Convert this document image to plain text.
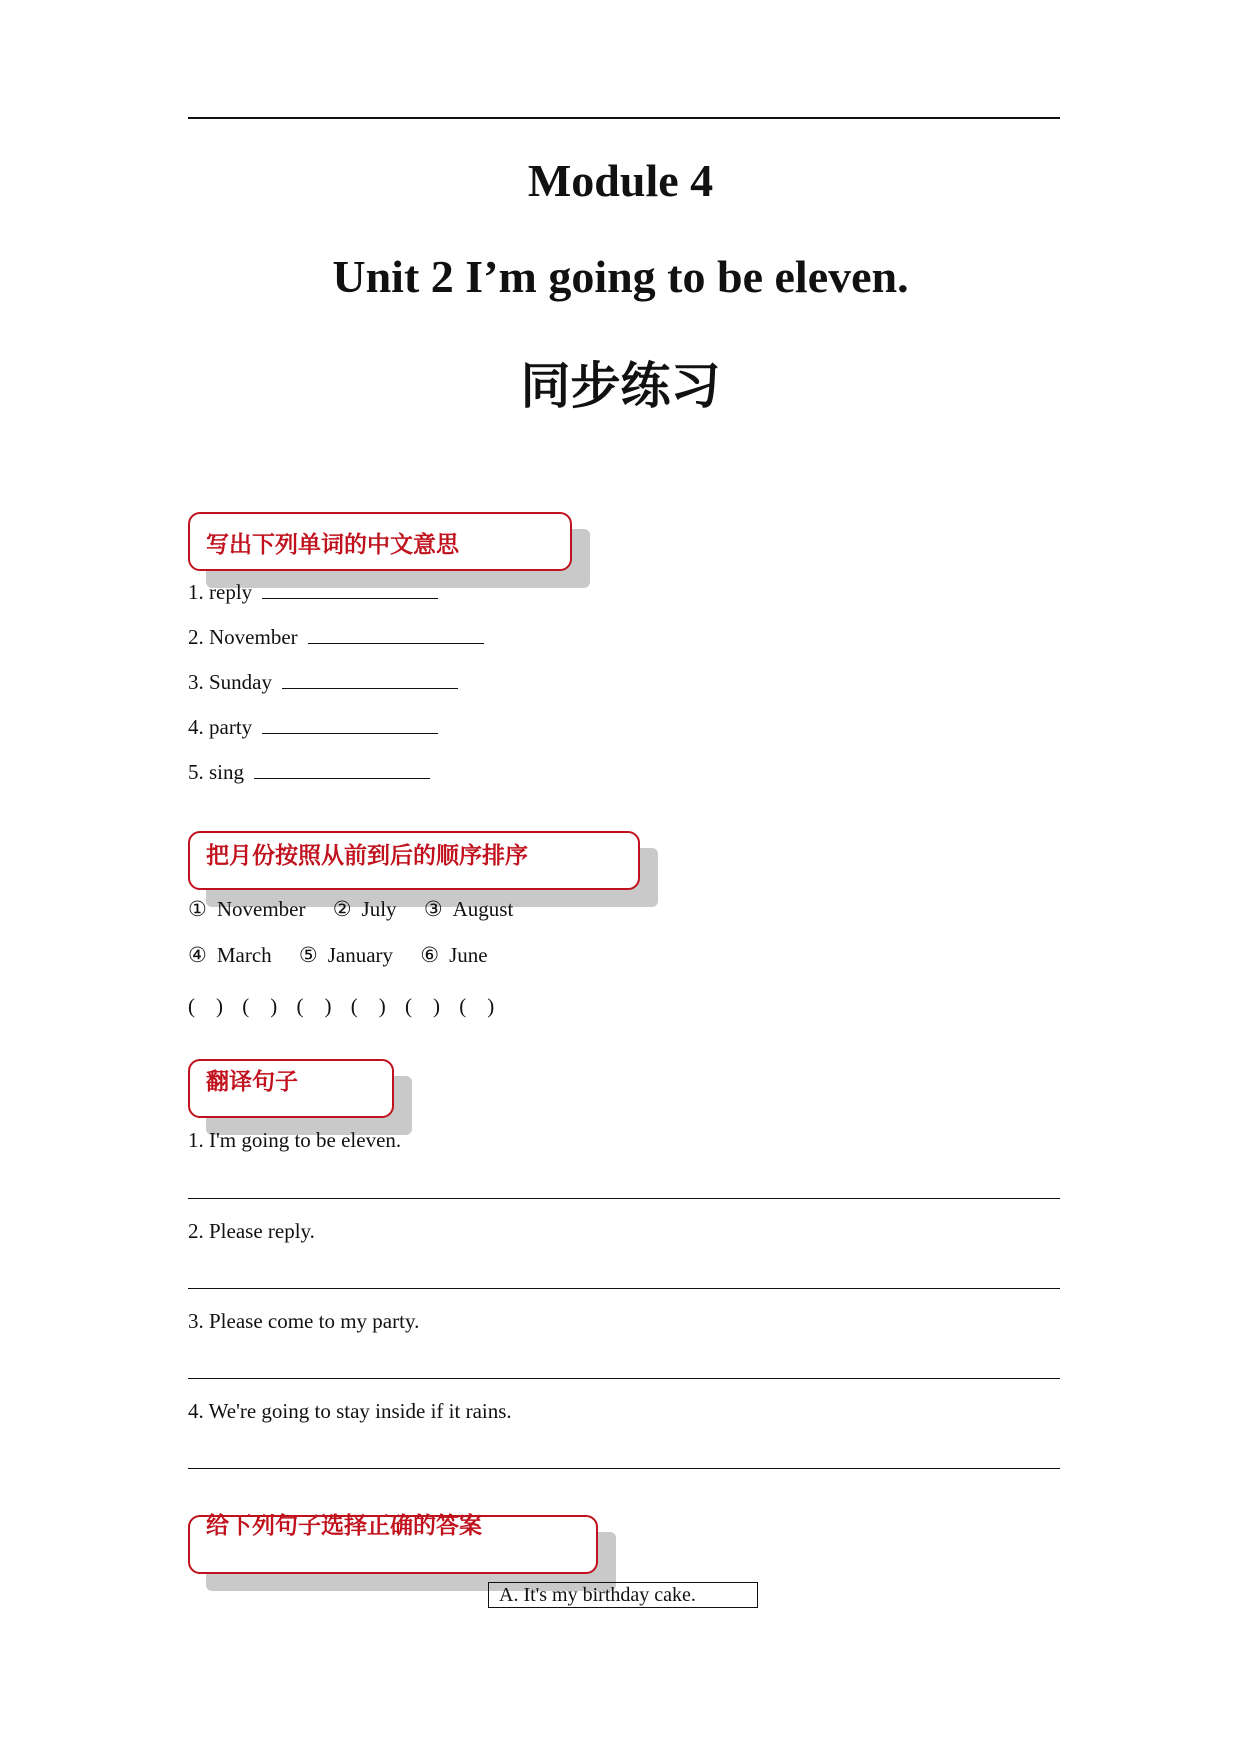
Module 4
Unit 2 I’m going to be eleven.
同步练习
写出下列单词的中文意思
1. reply
2. November
3. Sunday
4. party
5. sing
把月份按照从前到后的顺序排序
① November ② July ③ August
④ March ⑤ January ⑥ June
(　) (　) (　) (　) (　) (　)
翻译句子
1. I'm going to be eleven.
2. Please reply.
3. Please come to my party.
4. We're going to stay inside if it rains.
给下列句子选择正确的答案
A. It's my birthday cake.
